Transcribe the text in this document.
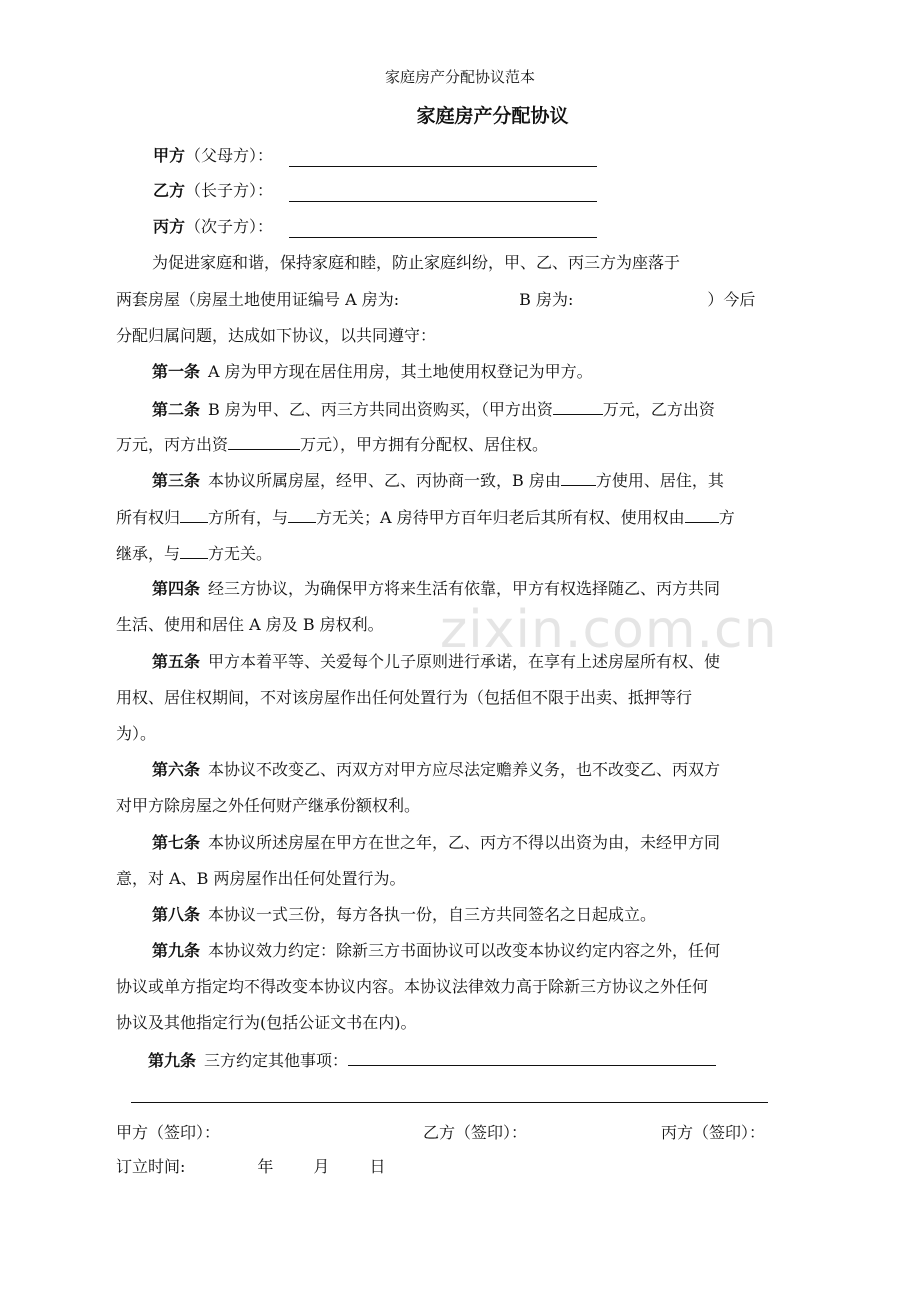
zixin.com.cn
家庭房产分配协议范本
家庭房产分配协议
甲方（父母方）：
乙方（长子方）：
丙方（次子方）：
为促进家庭和谐，保持家庭和睦，防止家庭纠纷，甲、乙、丙三方为座落于
两套房屋（房屋土地使用证编号 A 房为:	B 房为:	）今后
分配归属问题，达成如下协议，以共同遵守：
第一条 A 房为甲方现在居住用房，其土地使用权登记为甲方。
第二条 B 房为甲、乙、丙三方共同出资购买，（甲方出资	万元，乙方出资
万元，丙方出资	万元），甲方拥有分配权、居住权。
第三条 本协议所属房屋，经甲、乙、丙协商一致，B 房由 方使用、居住，其
所有权归 方所有，与 方无关；A 房待甲方百年归老后其所有权、使用权由 方
继承，与 方无关。
第四条 经三方协议，为确保甲方将来生活有依靠，甲方有权选择随乙、丙方共同
生活、使用和居住 A 房及 B 房权利。
第五条 甲方本着平等、关爱每个儿子原则进行承诺，在享有上述房屋所有权、使
用权、居住权期间，不对该房屋作出任何处置行为（包括但不限于出卖、抵押等行
为）。
第六条 本协议不改变乙、丙双方对甲方应尽法定赡养义务，也不改变乙、丙双方
对甲方除房屋之外任何财产继承份额权利。
第七条 本协议所述房屋在甲方在世之年，乙、丙方不得以出资为由，未经甲方同
意，对 A、B 两房屋作出任何处置行为。
第八条 本协议一式三份，每方各执一份，自三方共同签名之日起成立。
第九条 本协议效力约定：除新三方书面协议可以改变本协议约定内容之外，任何
协议或单方指定均不得改变本协议内容。本协议法律效力高于除新三方协议之外任何
协议及其他指定行为(包括公证文书在内)。
第九条 三方约定其他事项：
甲方（签印）：	乙方（签印）：	丙方（签印）：
订立时间:	年	月	日
